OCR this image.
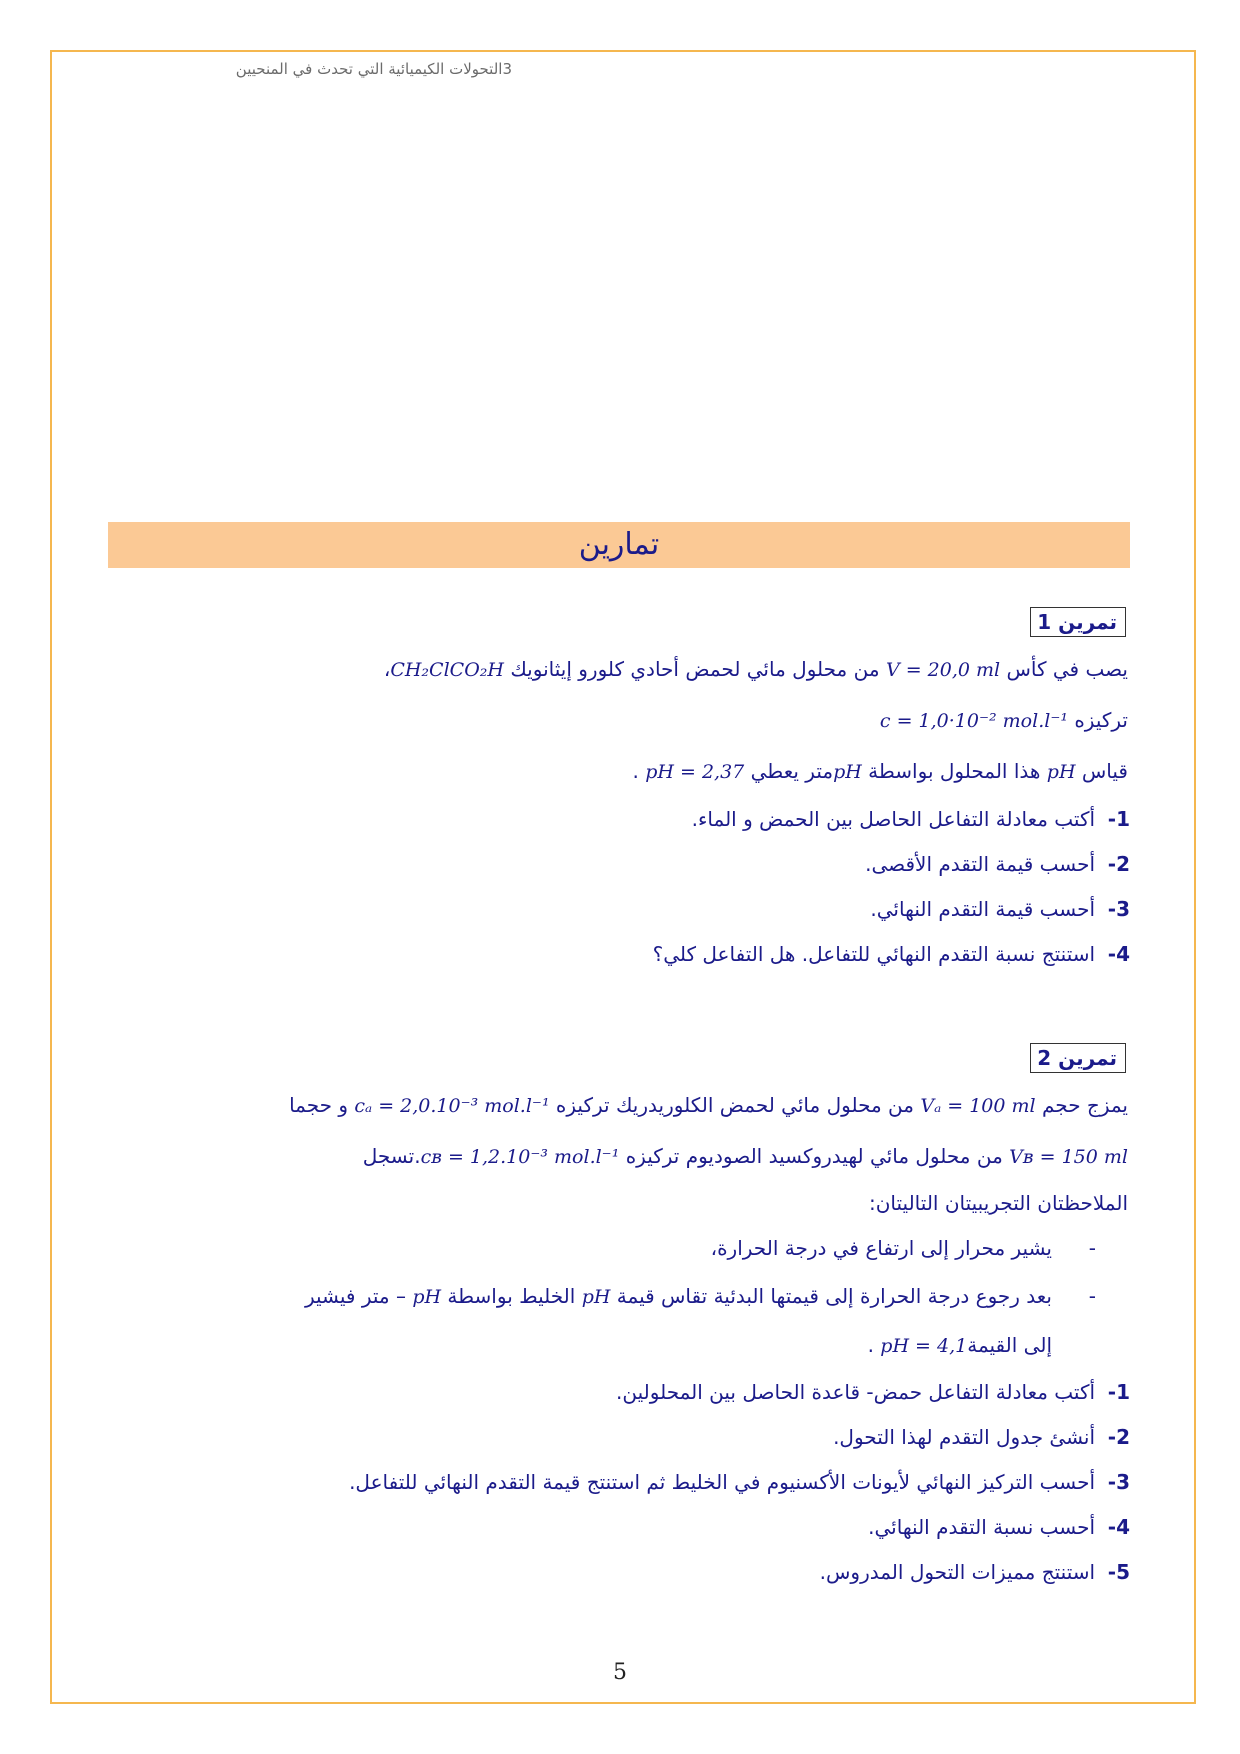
3التحولات الكيميائية التي تحدث في المنحيين
تمارين
تمرين 1
يصب في كأس V = 20,0 ml من محلول مائي لحمض أحادي كلورو إيثانويك CH₂ClCO₂H،
تركيزه c = 1,0·10⁻² mol.l⁻¹
قياس pH هذا المحلول بواسطة pHمتر يعطي pH = 2,37 .
1-  أكتب معادلة التفاعل الحاصل بين الحمض و الماء.
2-  أحسب قيمة التقدم الأقصى.
3-  أحسب قيمة التقدم النهائي.
4-  استنتج نسبة التقدم النهائي للتفاعل. هل التفاعل كلي؟
تمرين 2
يمزج حجم Vₐ = 100 ml من محلول مائي لحمض الكلوريدريك تركيزه cₐ = 2,0.10⁻³ mol.l⁻¹ و حجما
Vʙ = 150 ml من محلول مائي لهيدروكسيد الصوديوم تركيزه cʙ = 1,2.10⁻³ mol.l⁻¹.تسجل
الملاحظتان التجريبيتان التاليتان:
-يشير محرار إلى ارتفاع في درجة الحرارة،
-بعد رجوع درجة الحرارة إلى قيمتها البدئية تقاس قيمة pH الخليط بواسطة pH – متر فيشير
إلى القيمةpH = 4,1 .
1-  أكتب معادلة التفاعل حمض- قاعدة الحاصل بين المحلولين.
2-  أنشئ جدول التقدم لهذا التحول.
3-  أحسب التركيز النهائي لأيونات الأكسنيوم في الخليط ثم استنتج قيمة التقدم النهائي للتفاعل.
4-  أحسب نسبة التقدم النهائي.
5-  استنتج مميزات التحول المدروس.
5
